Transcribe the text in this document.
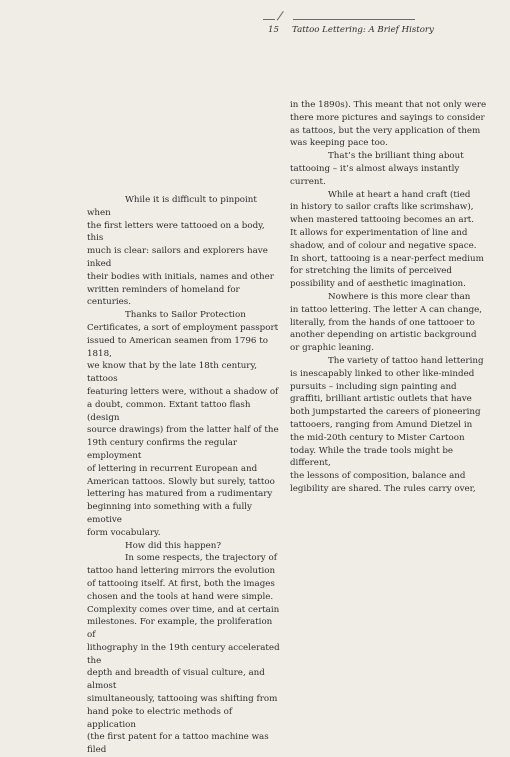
15 Tattoo Lettering: A Brief History

While it is difficult to pinpoint when
the first letters were tattooed on a body, this
much is clear: sailors and explorers have inked
their bodies with initials, names and other
written reminders of homeland for centuries.

Thanks to Sailor Protection
Certificates, a sort of employment passport
issued to American seamen from 1796 to 1818,
we know that by the late 18th century, tattoos
featuring letters were, without a shadow of
a doubt, common. Extant tattoo flash (design
source drawings) from the latter half of the
19th century confirms the regular employment
of lettering in recurrent European and
American tattoos. Slowly but surely, tattoo
lettering has matured from a rudimentary
beginning into something with a fully emotive
form vocabulary.

How did this happen?

In some respects, the trajectory of
tattoo hand lettering mirrors the evolution
of tattooing itself. At first, both the images
chosen and the tools at hand were simple.
Complexity comes over time, and at certain
milestones. For example, the proliferation of
lithography in the 19th century accelerated the
depth and breadth of visual culture, and almost
simultaneously, tattooing was shifting from
hand poke to electric methods of application
(the first patent for a tattoo machine was filed

in the 1890s). This meant that not only were
there more pictures and sayings to consider
as tattoos, but the very application of them
was keeping pace too.

That’s the brilliant thing about
tattooing – it’s almost always instantly current.

While at heart a hand craft (tied
in history to sailor crafts like scrimshaw),
when mastered tattooing becomes an art.
It allows for experimentation of line and
shadow, and of colour and negative space.
In short, tattooing is a near-perfect medium
for stretching the limits of perceived
possibility and of aesthetic imagination.

Nowhere is this more clear than
in tattoo lettering. The letter A can change,
literally, from the hands of one tattooer to
another depending on artistic background
or graphic leaning.

The variety of tattoo hand lettering
is inescapably linked to other like-minded
pursuits – including sign painting and
graffiti, brilliant artistic outlets that have
both jumpstarted the careers of pioneering
tattooers, ranging from Amund Dietzel in
the mid-20th century to Mister Cartoon
today. While the trade tools might be different,
the lessons of composition, balance and
legibility are shared. The rules carry over,
